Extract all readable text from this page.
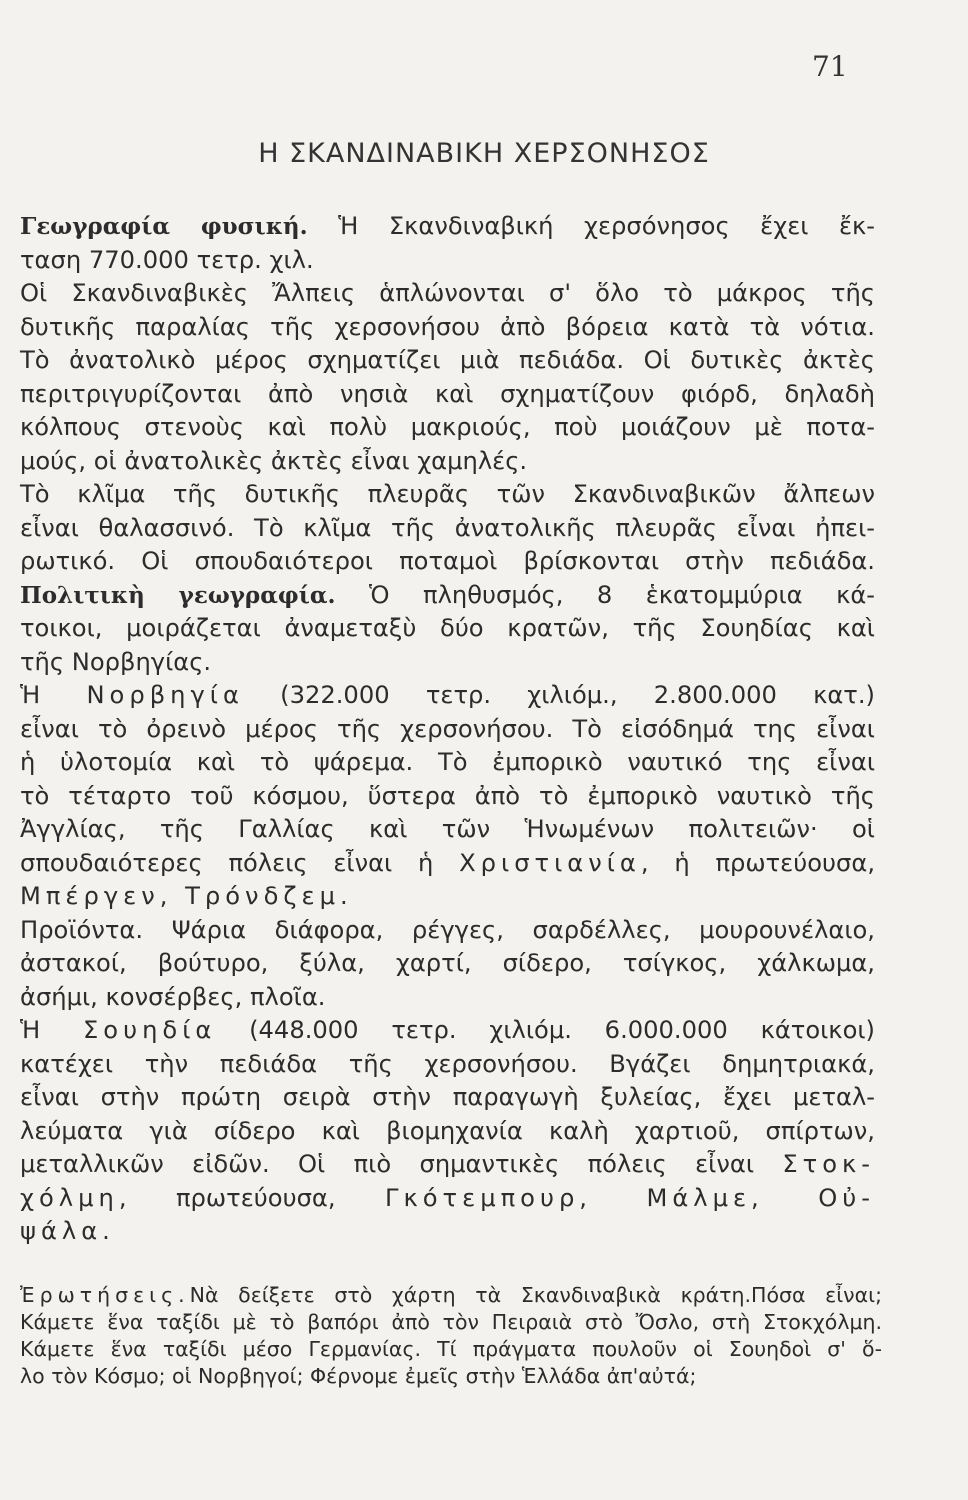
71
Η ΣΚΑΝΔΙΝΑΒΙΚΗ ΧΕΡΣΟΝΗΣΟΣ
Γεωγραφία φυσική. Ἡ Σκανδιναβική χερσόνησος ἔχει ἔκ-
ταση 770.000 τετρ. χιλ.
Οἱ Σκανδιναβικὲς Ἄλπεις ἁπλώνονται σ' ὅλο τὸ μάκρος τῆς
δυτικῆς παραλίας τῆς χερσονήσου ἀπὸ βόρεια κατὰ τὰ νότια.
Τὸ ἀνατολικὸ μέρος σχηματίζει μιὰ πεδιάδα. Οἱ δυτικὲς ἀκτὲς
περιτριγυρίζονται ἀπὸ νησιὰ καὶ σχηματίζουν φιόρδ, δηλαδὴ
κόλπους στενοὺς καὶ πολὺ μακριούς, ποὺ μοιάζουν μὲ ποτα-
μούς, οἱ ἀνατολικὲς ἀκτὲς εἶναι χαμηλές.
Τὸ κλῖμα τῆς δυτικῆς πλευρᾶς τῶν Σκανδιναβικῶν ἄλπεων
εἶναι θαλασσινό. Τὸ κλῖμα τῆς ἀνατολικῆς πλευρᾶς εἶναι ἠπει-
ρωτικό. Οἱ σπουδαιότεροι ποταμοὶ βρίσκονται στὴν πεδιάδα.
Πολιτικὴ γεωγραφία. Ὁ πληθυσμός, 8 ἑκατομμύρια κά-
τοικοι, μοιράζεται ἀναμεταξὺ δύο κρατῶν, τῆς Σουηδίας καὶ
τῆς Νορβηγίας.
Ἡ Νορβηγία (322.000 τετρ. χιλιόμ., 2.800.000 κατ.)
εἶναι τὸ ὀρεινὸ μέρος τῆς χερσονήσου. Τὸ εἰσόδημά της εἶναι
ἡ ὑλοτομία καὶ τὸ ψάρεμα. Τὸ ἐμπορικὸ ναυτικό της εἶναι
τὸ τέταρτο τοῦ κόσμου, ὕστερα ἀπὸ τὸ ἐμπορικὸ ναυτικὸ τῆς
Ἀγγλίας, τῆς Γαλλίας καὶ τῶν Ἡνωμένων πολιτειῶν· οἱ
σπουδαιότερες πόλεις εἶναι ἡ Χριστιανία, ἡ πρωτεύουσα,
Μπέργεν, Τρόνδζεμ.
Προϊόντα. Ψάρια διάφορα, ρέγγες, σαρδέλλες, μουρουνέλαιο,
ἀστακοί, βούτυρο, ξύλα, χαρτί, σίδερο, τσίγκος, χάλκωμα,
ἀσήμι, κονσέρβες, πλοῖα.
Ἡ Σουηδία (448.000 τετρ. χιλιόμ. 6.000.000 κάτοικοι)
κατέχει τὴν πεδιάδα τῆς χερσονήσου. Βγάζει δημητριακά,
εἶναι στὴν πρώτη σειρὰ στὴν παραγωγὴ ξυλείας, ἔχει μεταλ-
λεύματα γιὰ σίδερο καὶ βιομηχανία καλὴ χαρτιοῦ, σπίρτων,
μεταλλικῶν εἰδῶν. Οἱ πιὸ σημαντικὲς πόλεις εἶναι Στοκ-
χόλμη, πρωτεύουσα, Γκότεμπουρ, Μάλμε, Οὐ-
ψάλα.
Ἐρωτήσεις.Νὰ δείξετε στὸ χάρτη τὰ Σκανδιναβικὰ κράτη.Πόσα εἶναι;
Κάμετε ἕνα ταξίδι μὲ τὸ βαπόρι ἀπὸ τὸν Πειραιὰ στὸ Ὄσλο, στὴ Στοκχόλμη.
Κάμετε ἕνα ταξίδι μέσο Γερμανίας. Τί πράγματα πουλοῦν οἱ Σουηδοὶ σ' ὅ-
λο τὸν Κόσμο; οἱ Νορβηγοί; Φέρνομε ἐμεῖς στὴν Ἑλλάδα ἀπ'αὐτά;
